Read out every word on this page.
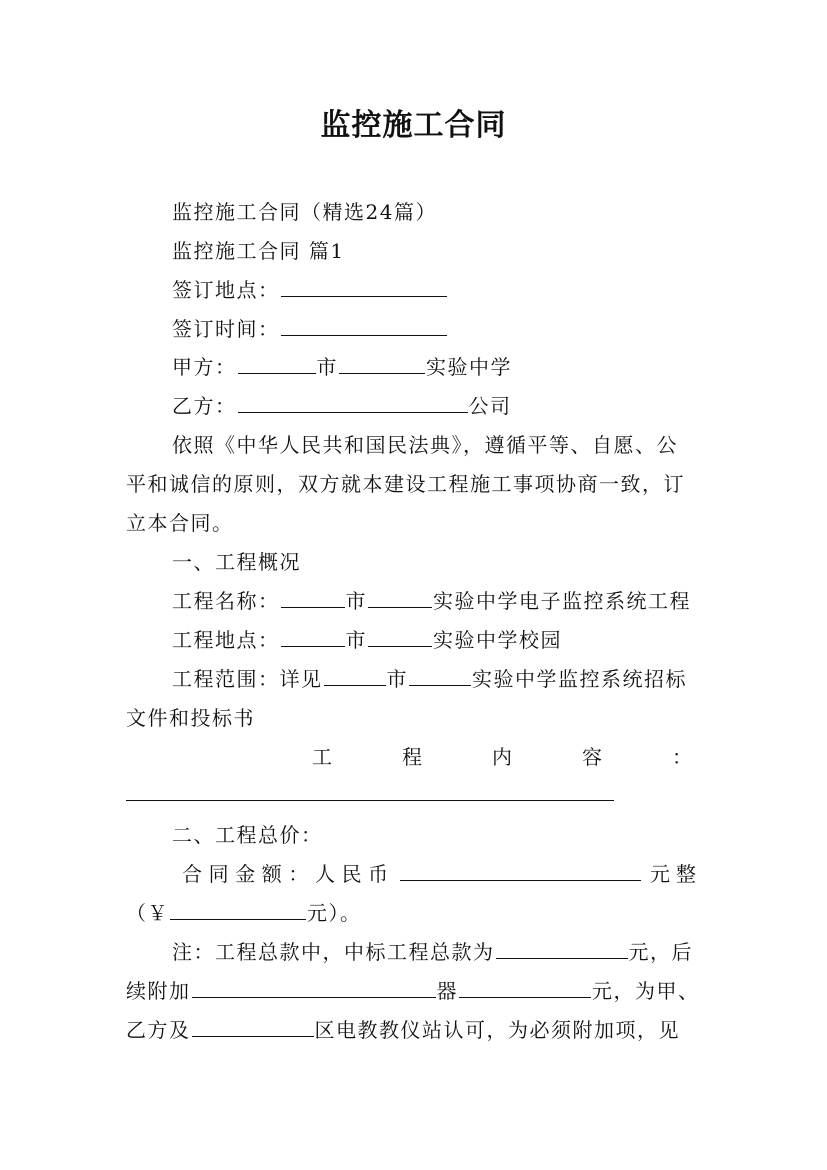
监控施工合同
监控施工合同（精选24篇）
监控施工合同 篇1
签订地点：
签订时间：
甲方：	市	实验中学
乙方：	公司
依照《中华人民共和国民法典》，遵循平等、自愿、公
平和诚信的原则，双方就本建设工程施工事项协商一致，订
立本合同。
一、工程概况
工程名称：	市	实验中学电子监控系统工程
工程地点：	市	实验中学校园
工程范围：详见	市	实验中学监控系统招标
文件和投标书
工	程	内	容	：
二、工程总价：
合 同 金 额 ： 人 民 币	元整
（￥	元）。
注：工程总款中，中标工程总款为	元，后
续附加	器	元，为甲、
乙方及	区电教教仪站认可，为必须附加项，见
